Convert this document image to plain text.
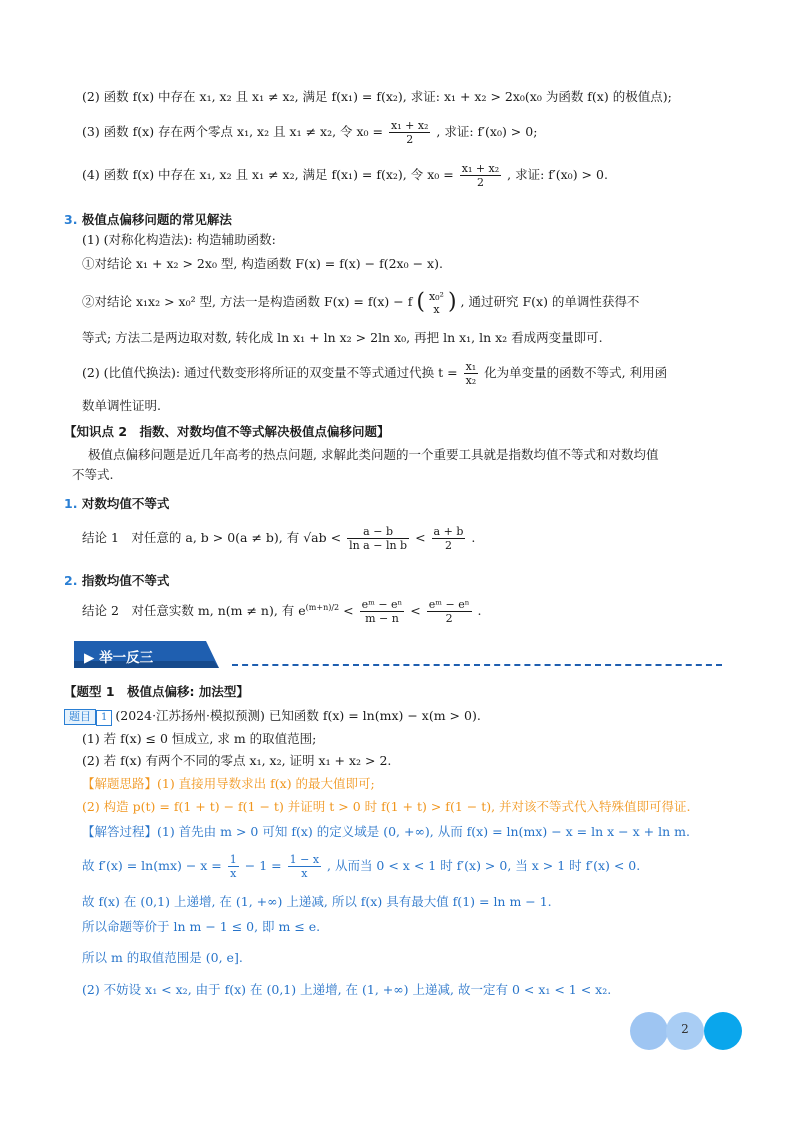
(2) 函数 f(x) 中存在 x₁, x₂ 且 x₁ ≠ x₂, 满足 f(x₁) = f(x₂), 求证: x₁ + x₂ > 2x₀(x₀ 为函数 f(x) 的极值点);
(3) 函数 f(x) 存在两个零点 x₁, x₂ 且 x₁ ≠ x₂, 令 $x_0 = \frac{\text{x₁ + x₂}}{2}$ , 求证: f′(x₀) > 0;
(4) 函数 f(x) 中存在 x₁, x₂ 且 x₁ ≠ x₂, 满足 f(x₁) = f(x₂), 令 $x_0 = \frac{\text{x₁ + x₂}}{2}$ , 求证: f′(x₀) > 0.
3. 极值点偏移问题的常见解法
(1) (对称化构造法): 构造辅助函数:
①对结论 x₁ + x₂ > 2x₀ 型, 构造函数 F(x) = f(x) − f(2x₀ − x).
②对结论 x₁x₂ > x₀² 型, 方法一是构造函数 F(x) = f(x) − f ( x₀²
x ) , 通过研究 F(x) 的单调性获得不
等式; 方法二是两边取对数, 转化成 ln x₁ + ln x₂ > 2ln x₀, 再把 ln x₁, ln x₂ 看成两变量即可.
(2) (比值代换法): 通过代数变形将所证的双变量不等式通过代换 $t = \frac{\text{x₁}}{\text{x₂}}$ 化为单变量的函数不等式, 利用函
数单调性证明.
【知识点 2　指数、对数均值不等式解决极值点偏移问题】
极值点偏移问题是近几年高考的热点问题, 求解此类问题的一个重要工具就是指数均值不等式和对数均值
不等式.
1. 对数均值不等式
结论 1　对任意的 a, b > 0(a ≠ b), 有 $√ab < \frac{a - b}{\text{ln a − ln b}} < \frac{a + b}{2}$ .
2. 指数均值不等式
结论 2　对任意实数 m, n(m ≠ n), 有 $e^{(m+n)/2} < \frac{\text{eᵐ − eⁿ}}{m - n} < \frac{\text{eᵐ − eⁿ}}{2}$ .
▶ 举一反三
【题型 1　极值点偏移: 加法型】
题目 1 (2024·江苏扬州·模拟预测) 已知函数 f(x) = ln(mx) − x(m > 0).
(1) 若 f(x) ≤ 0 恒成立, 求 m 的取值范围;
(2) 若 f(x) 有两个不同的零点 x₁, x₂, 证明 x₁ + x₂ > 2.
【解题思路】(1) 直接用导数求出 f(x) 的最大值即可;
(2) 构造 p(t) = f(1 + t) − f(1 − t) 并证明 t > 0 时 f(1 + t) > f(1 − t), 并对该不等式代入特殊值即可得证.
【解答过程】(1) 首先由 m > 0 可知 f(x) 的定义域是 (0, +∞), 从而 f(x) = ln(mx) − x = ln x − x + ln m.
故 $f'(x) = \ln(mx) - x = \frac{1}{x} - 1 = \frac{1 - x}{x}$ , 从而当 0 < x < 1 时 f′(x) > 0, 当 x > 1 时 f′(x) < 0.
故 f(x) 在 (0,1) 上递增, 在 (1, +∞) 上递减, 所以 f(x) 具有最大值 f(1) = ln m − 1.
所以命题等价于 ln m − 1 ≤ 0, 即 m ≤ e.
所以 m 的取值范围是 (0, e].
(2) 不妨设 x₁ < x₂, 由于 f(x) 在 (0,1) 上递增, 在 (1, +∞) 上递减, 故一定有 0 < x₁ < 1 < x₂.
2
